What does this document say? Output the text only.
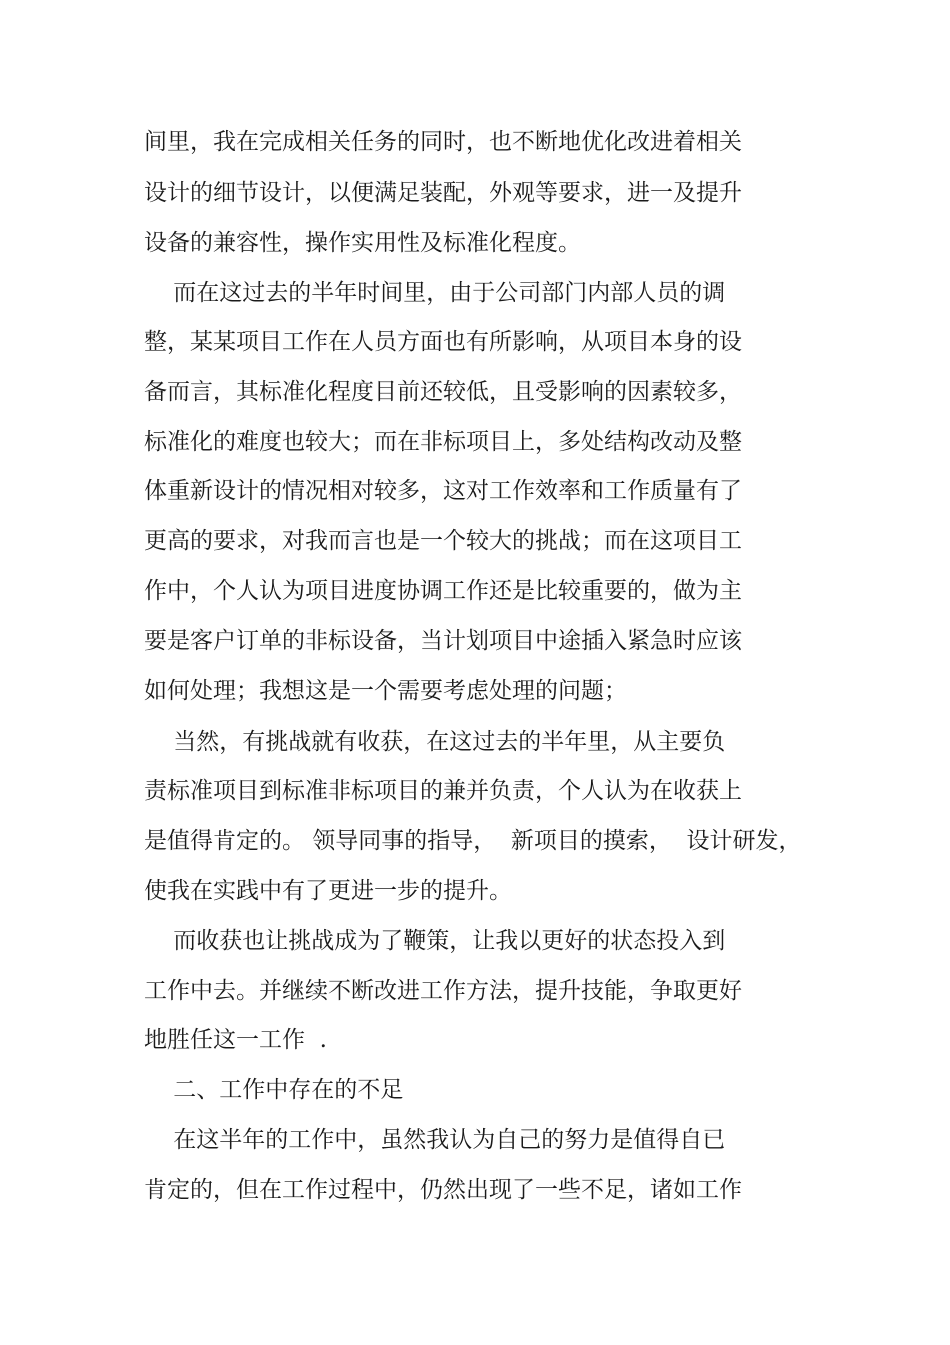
间里，我在完成相关任务的同时，也不断地优化改进着相关
设计的细节设计，以便满足装配，外观等要求，进一及提升
设备的兼容性，操作实用性及标准化程度。
而在这过去的半年时间里，由于公司部门内部人员的调
整，某某项目工作在人员方面也有所影响，从项目本身的设
备而言，其标准化程度目前还较低，且受影响的因素较多，
标准化的难度也较大；而在非标项目上，多处结构改动及整
体重新设计的情况相对较多，这对工作效率和工作质量有了
更高的要求，对我而言也是一个较大的挑战；而在这项目工
作中，个人认为项目进度协调工作还是比较重要的，做为主
要是客户订单的非标设备，当计划项目中途插入紧急时应该
如何处理；我想这是一个需要考虑处理的问题；
当然，有挑战就有收获，在这过去的半年里，从主要负
责标准项目到标准非标项目的兼并负责，个人认为在收获上
是值得肯定的。 领导同事的指导，  新项目的摸索，  设计研发，
使我在实践中有了更进一步的提升。
而收获也让挑战成为了鞭策，让我以更好的状态投入到
工作中去。并继续不断改进工作方法，提升技能，争取更好
地胜任这一工作  .
二、工作中存在的不足
在这半年的工作中，虽然我认为自己的努力是值得自已
肯定的，但在工作过程中，仍然出现了一些不足，诸如工作
